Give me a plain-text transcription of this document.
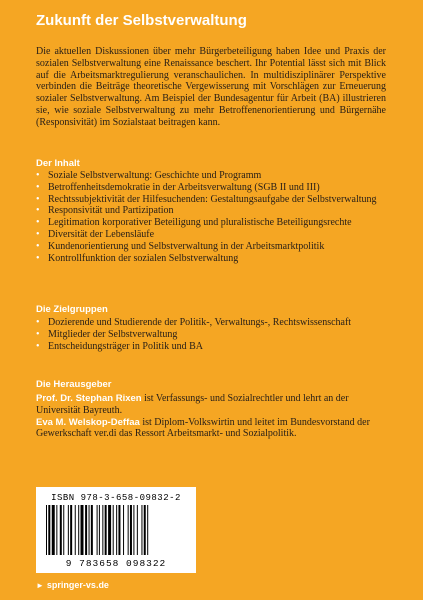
Zukunft der Selbstverwaltung

Die aktuellen Diskussionen über mehr Bürgerbeteiligung haben Idee und Praxis der sozialen Selbstverwaltung eine Renaissance beschert. Ihr Potential lässt sich mit Blick auf die Arbeitsmarktregulierung veranschaulichen. In multidisziplinärer Perspektive verbinden die Beiträge theoretische Vergewisserung mit Vorschlägen zur Erneuerung sozialer Selbstverwaltung. Am Beispiel der Bundesagentur für Arbeit (BA) illustrieren sie, wie soziale Selbstverwaltung zu mehr Betroffenenorientierung und Bürgernähe (Responsivität) im Sozialstaat beitragen kann.

Der Inhalt
• Soziale Selbstverwaltung: Geschichte und Programm
• Betroffenheitsdemokratie in der Arbeitsverwaltung (SGB II und III)
• Rechtssubjektivität der Hilfesuchenden: Gestaltungsaufgabe der Selbstverwaltung
• Responsivität und Partizipation
• Legitimation korporativer Beteiligung und pluralistische Beteiligungsrechte
• Diversität der Lebensläufe
• Kundenorientierung und Selbstverwaltung in der Arbeitsmarktpolitik
• Kontrollfunktion der sozialen Selbstverwaltung
Die Zielgruppen
• Dozierende und Studierende der Politik-, Verwaltungs-, Rechtswissenschaft
• Mitglieder der Selbstverwaltung
• Entscheidungsträger in Politik und BA
Die Herausgeber

Prof. Dr. Stephan Rixen ist Verfassungs- und Sozialrechtler und lehrt an der Universität Bayreuth.

Eva M. Welskop-Deffaa ist Diplom-Volkswirtin und leitet im Bundesvorstand der Gewerkschaft ver.di das Ressort Arbeitsmarkt- und Sozialpolitik.

ISBN 978-3-658-09832-2
9 783658 098322
► springer-vs.de
